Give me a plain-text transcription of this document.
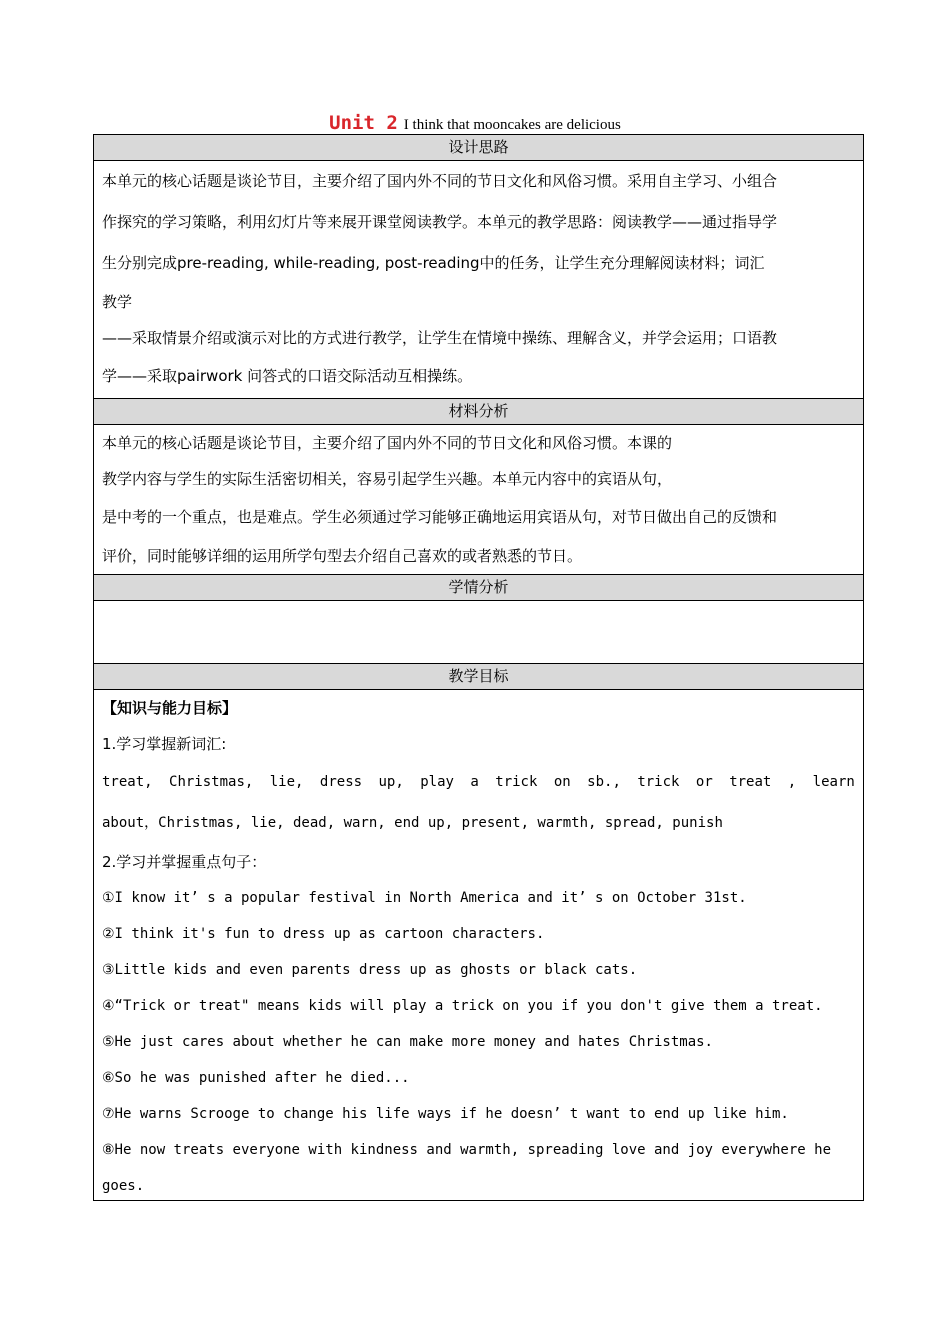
Unit 2 I think that mooncakes are delicious
设计思路
本单元的核心话题是谈论节目，主要介绍了国内外不同的节日文化和风俗习惯。采用自主学习、小组合
作探究的学习策略，利用幻灯片等来展开课堂阅读教学。本单元的教学思路：阅读教学——通过指导学
生分别完成pre-reading, while-reading, post-reading中的任务，让学生充分理解阅读材料；词汇
教学
——采取情景介绍或演示对比的方式进行教学，让学生在情境中操练、理解含义，并学会运用；口语教
学——采取pairwork 问答式的口语交际活动互相操练。
材料分析
本单元的核心话题是谈论节目，主要介绍了国内外不同的节日文化和风俗习惯。本课的
教学内容与学生的实际生活密切相关，容易引起学生兴趣。本单元内容中的宾语从句，
是中考的一个重点，也是难点。学生必须通过学习能够正确地运用宾语从句，对节日做出自己的反馈和
评价，同时能够详细的运用所学句型去介绍自己喜欢的或者熟悉的节日。
学情分析
教学目标
【知识与能力目标】
1.学习掌握新词汇:
treat, Christmas, lie, dress up, play a trick on sb., trick or treat , learn
about，Christmas, lie, dead, warn, end up, present, warmth, spread, punish
2.学习并掌握重点句子：
①I know it’ s a popular festival in North America and it’ s on October 31st.
②I think it's fun to dress up as cartoon characters.
③Little kids and even parents dress up as ghosts or black cats.
④“Trick or treat" means kids will play a trick on you if you don't give them a treat.
⑤He just cares about whether he can make more money and hates Christmas.
⑥So he was punished after he died...
⑦He warns Scrooge to change his life ways if he doesn’ t want to end up like him.
⑧He now treats everyone with kindness and warmth, spreading love and joy everywhere he
goes.
